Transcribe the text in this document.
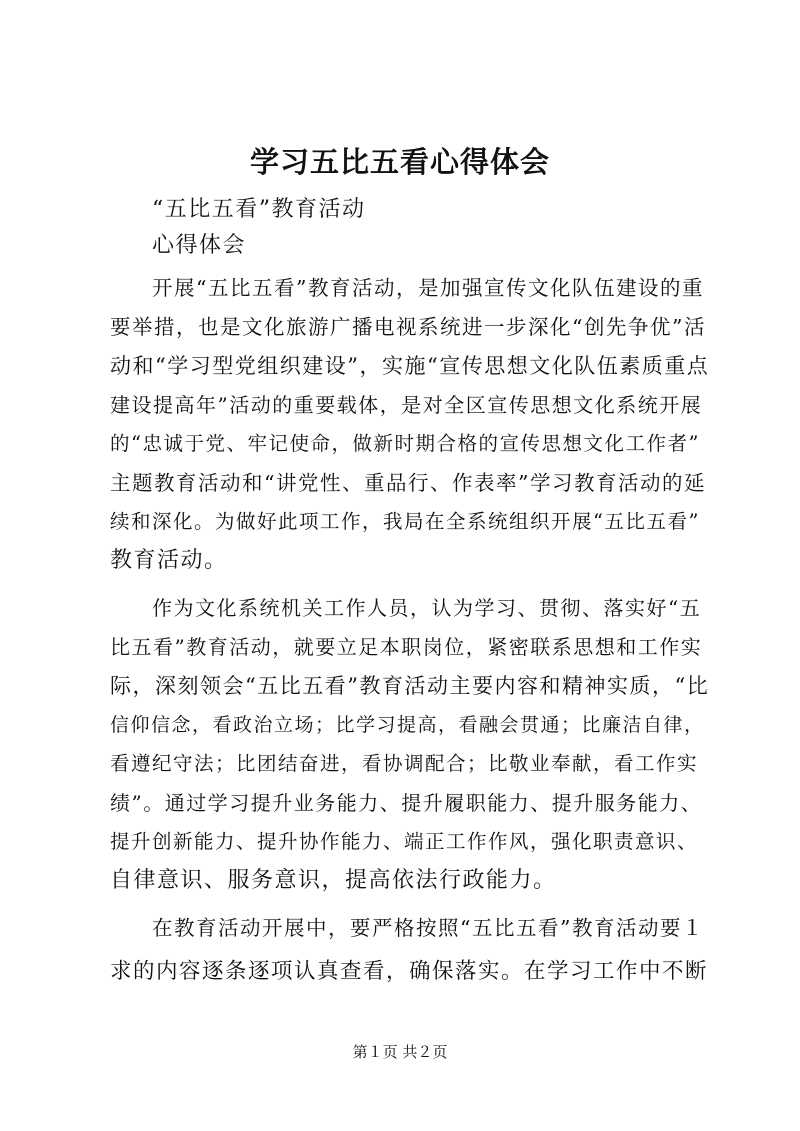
学习五比五看心得体会
“五比五看”教育活动
心得体会
开展“五比五看”教育活动，是加强宣传文化队伍建设的重
要举措，也是文化旅游广播电视系统进一步深化“创先争优”活
动和“学习型党组织建设”，实施“宣传思想文化队伍素质重点
建设提高年”活动的重要载体，是对全区宣传思想文化系统开展
的“忠诚于党、牢记使命，做新时期合格的宣传思想文化工作者”
主题教育活动和“讲党性、重品行、作表率”学习教育活动的延
续和深化。为做好此项工作，我局在全系统组织开展“五比五看”
教育活动。
作为文化系统机关工作人员，认为学习、贯彻、落实好“五
比五看”教育活动，就要立足本职岗位，紧密联系思想和工作实
际，深刻领会“五比五看”教育活动主要内容和精神实质，“比
信仰信念，看政治立场；比学习提高，看融会贯通；比廉洁自律，
看遵纪守法；比团结奋进，看协调配合；比敬业奉献，看工作实
绩”。通过学习提升业务能力、提升履职能力、提升服务能力、
提升创新能力、提升协作能力、端正工作作风，强化职责意识、
自律意识、服务意识，提高依法行政能力。
在教育活动开展中，要严格按照“五比五看”教育活动要１
求的内容逐条逐项认真查看，确保落实。在学习工作中不断
第１页 共２页
